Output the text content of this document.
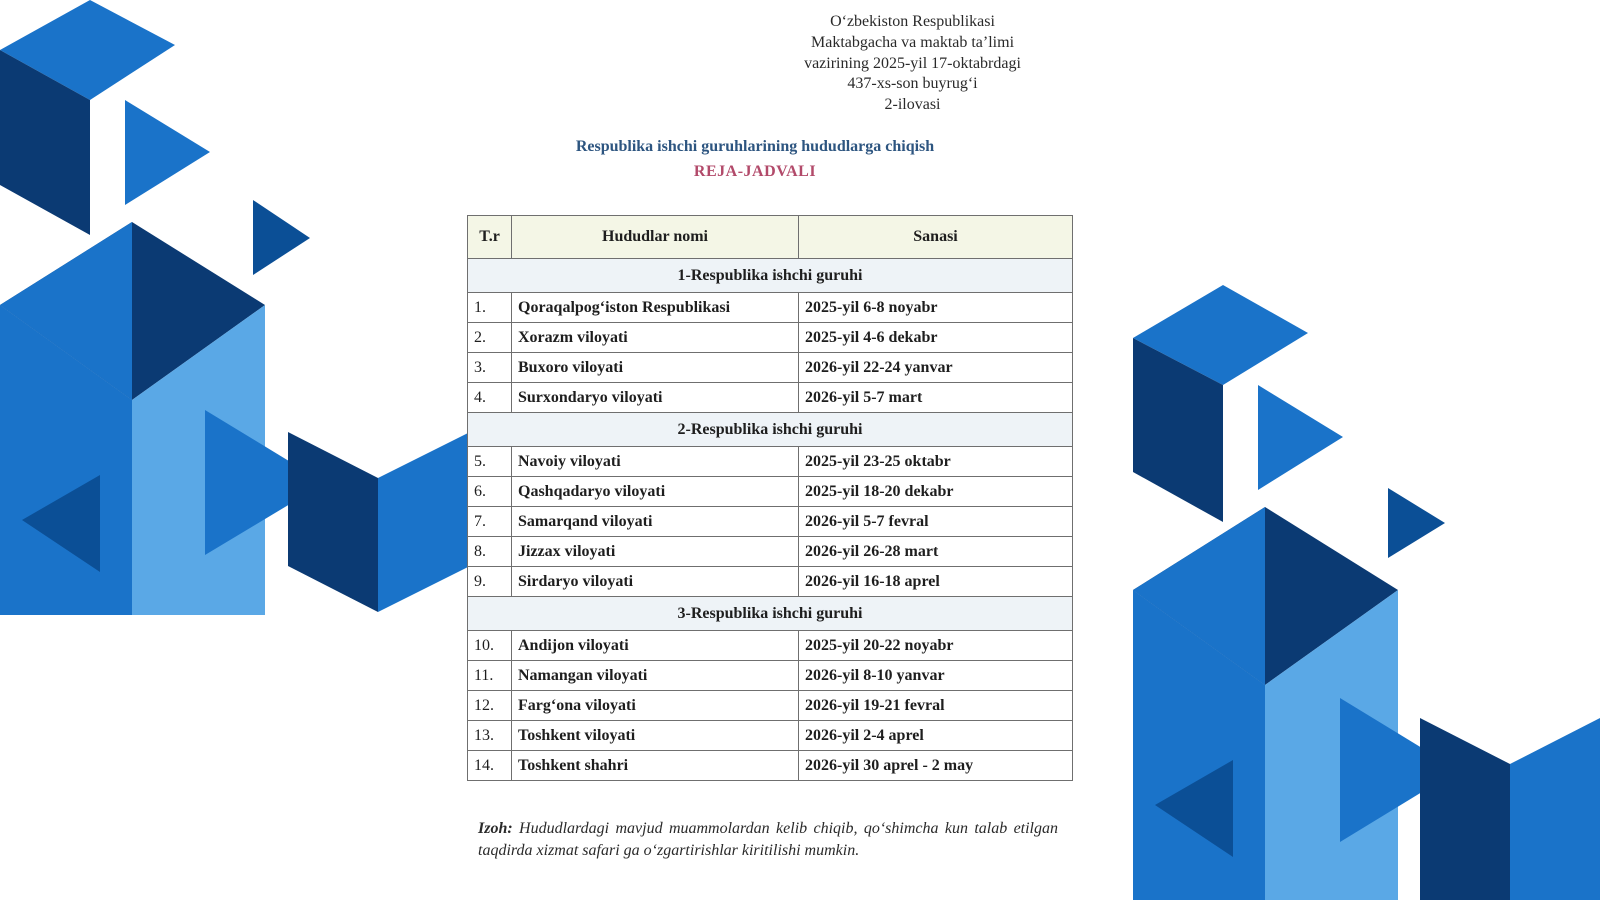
O‘zbekiston Respublikasi
Maktabgacha va maktab ta’limi
vazirining 2025-yil 17-oktabrdagi
437-xs-son buyrug‘i
2-ilovasi
Respublika ishchi guruhlarining hududlarga chiqish
REJA-JADVALI
T.r	Hududlar nomi	Sanasi
1-Respublika ishchi guruhi		
1.	Qoraqalpog‘iston Respublikasi	2025-yil 6-8 noyabr
2.	Xorazm viloyati	2025-yil 4-6 dekabr
3.	Buxoro viloyati	2026-yil 22-24 yanvar
4.	Surxondaryo viloyati	2026-yil 5-7 mart
2-Respublika ishchi guruhi		
5.	Navoiy viloyati	2025-yil 23-25 oktabr
6.	Qashqadaryo viloyati	2025-yil 18-20 dekabr
7.	Samarqand viloyati	2026-yil 5-7 fevral
8.	Jizzax viloyati	2026-yil 26-28 mart
9.	Sirdaryo viloyati	2026-yil 16-18 aprel
3-Respublika ishchi guruhi		
10.	Andijon viloyati	2025-yil 20-22 noyabr
11.	Namangan viloyati	2026-yil 8-10 yanvar
12.	Farg‘ona viloyati	2026-yil 19-21 fevral
13.	Toshkent viloyati	2026-yil 2-4 aprel
14.	Toshkent shahri	2026-yil 30 aprel - 2 may
Izoh: Hududlardagi mavjud muammolardan kelib chiqib, qo‘shimcha kun talab etilgan taqdirda xizmat safari ga o‘zgartirishlar kiritilishi mumkin.
